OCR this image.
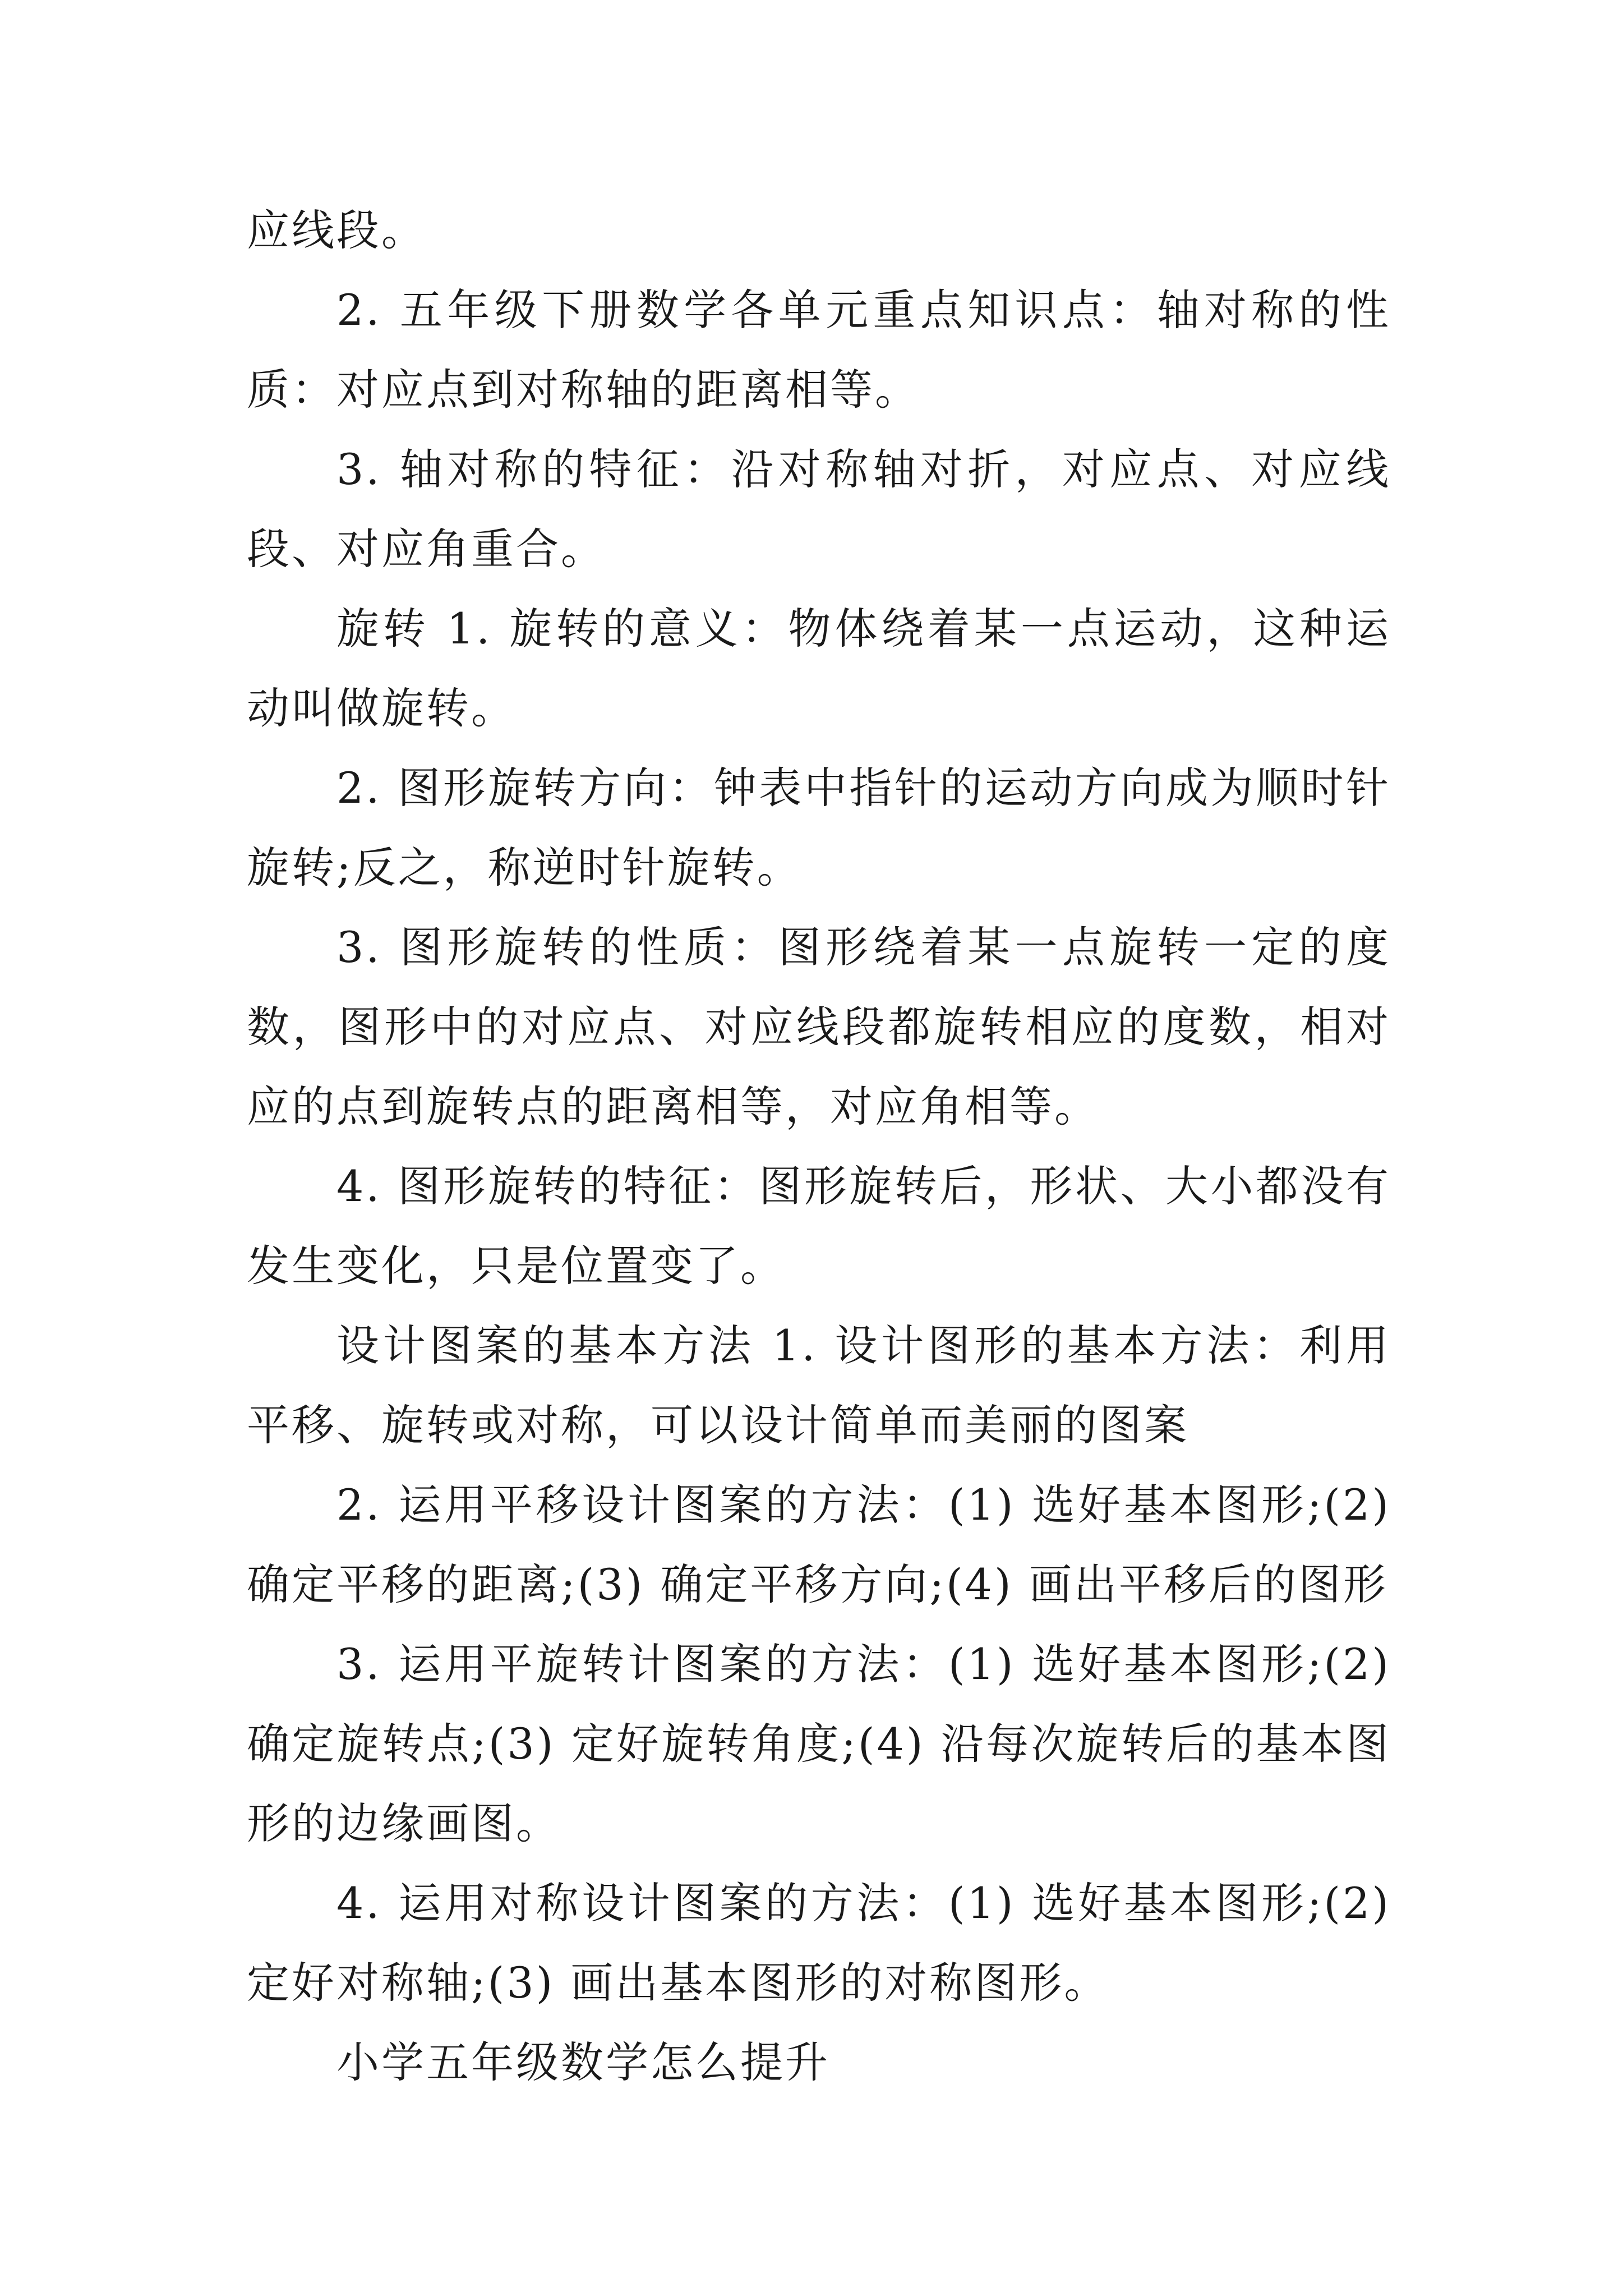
应线段。

2. 五年级下册数学各单元重点知识点：轴对称的性质：对应点到对称轴的距离相等。

3. 轴对称的特征：沿对称轴对折，对应点、对应线段、对应角重合。

旋转 1. 旋转的意义：物体绕着某一点运动，这种运动叫做旋转。

2. 图形旋转方向：钟表中指针的运动方向成为顺时针旋转;反之，称逆时针旋转。

3. 图形旋转的性质：图形绕着某一点旋转一定的度数，图形中的对应点、对应线段都旋转相应的度数，相对应的点到旋转点的距离相等，对应角相等。

4. 图形旋转的特征：图形旋转后，形状、大小都没有发生变化，只是位置变了。

设计图案的基本方法 1. 设计图形的基本方法：利用平移、旋转或对称，可以设计简单而美丽的图案

2. 运用平移设计图案的方法：(1) 选好基本图形;(2) 确定平移的距离;(3) 确定平移方向;(4) 画出平移后的图形

3. 运用平旋转计图案的方法：(1) 选好基本图形;(2) 确定旋转点;(3) 定好旋转角度;(4) 沿每次旋转后的基本图形的边缘画图。

4. 运用对称设计图案的方法：(1) 选好基本图形;(2) 定好对称轴;(3) 画出基本图形的对称图形。

小学五年级数学怎么提升
